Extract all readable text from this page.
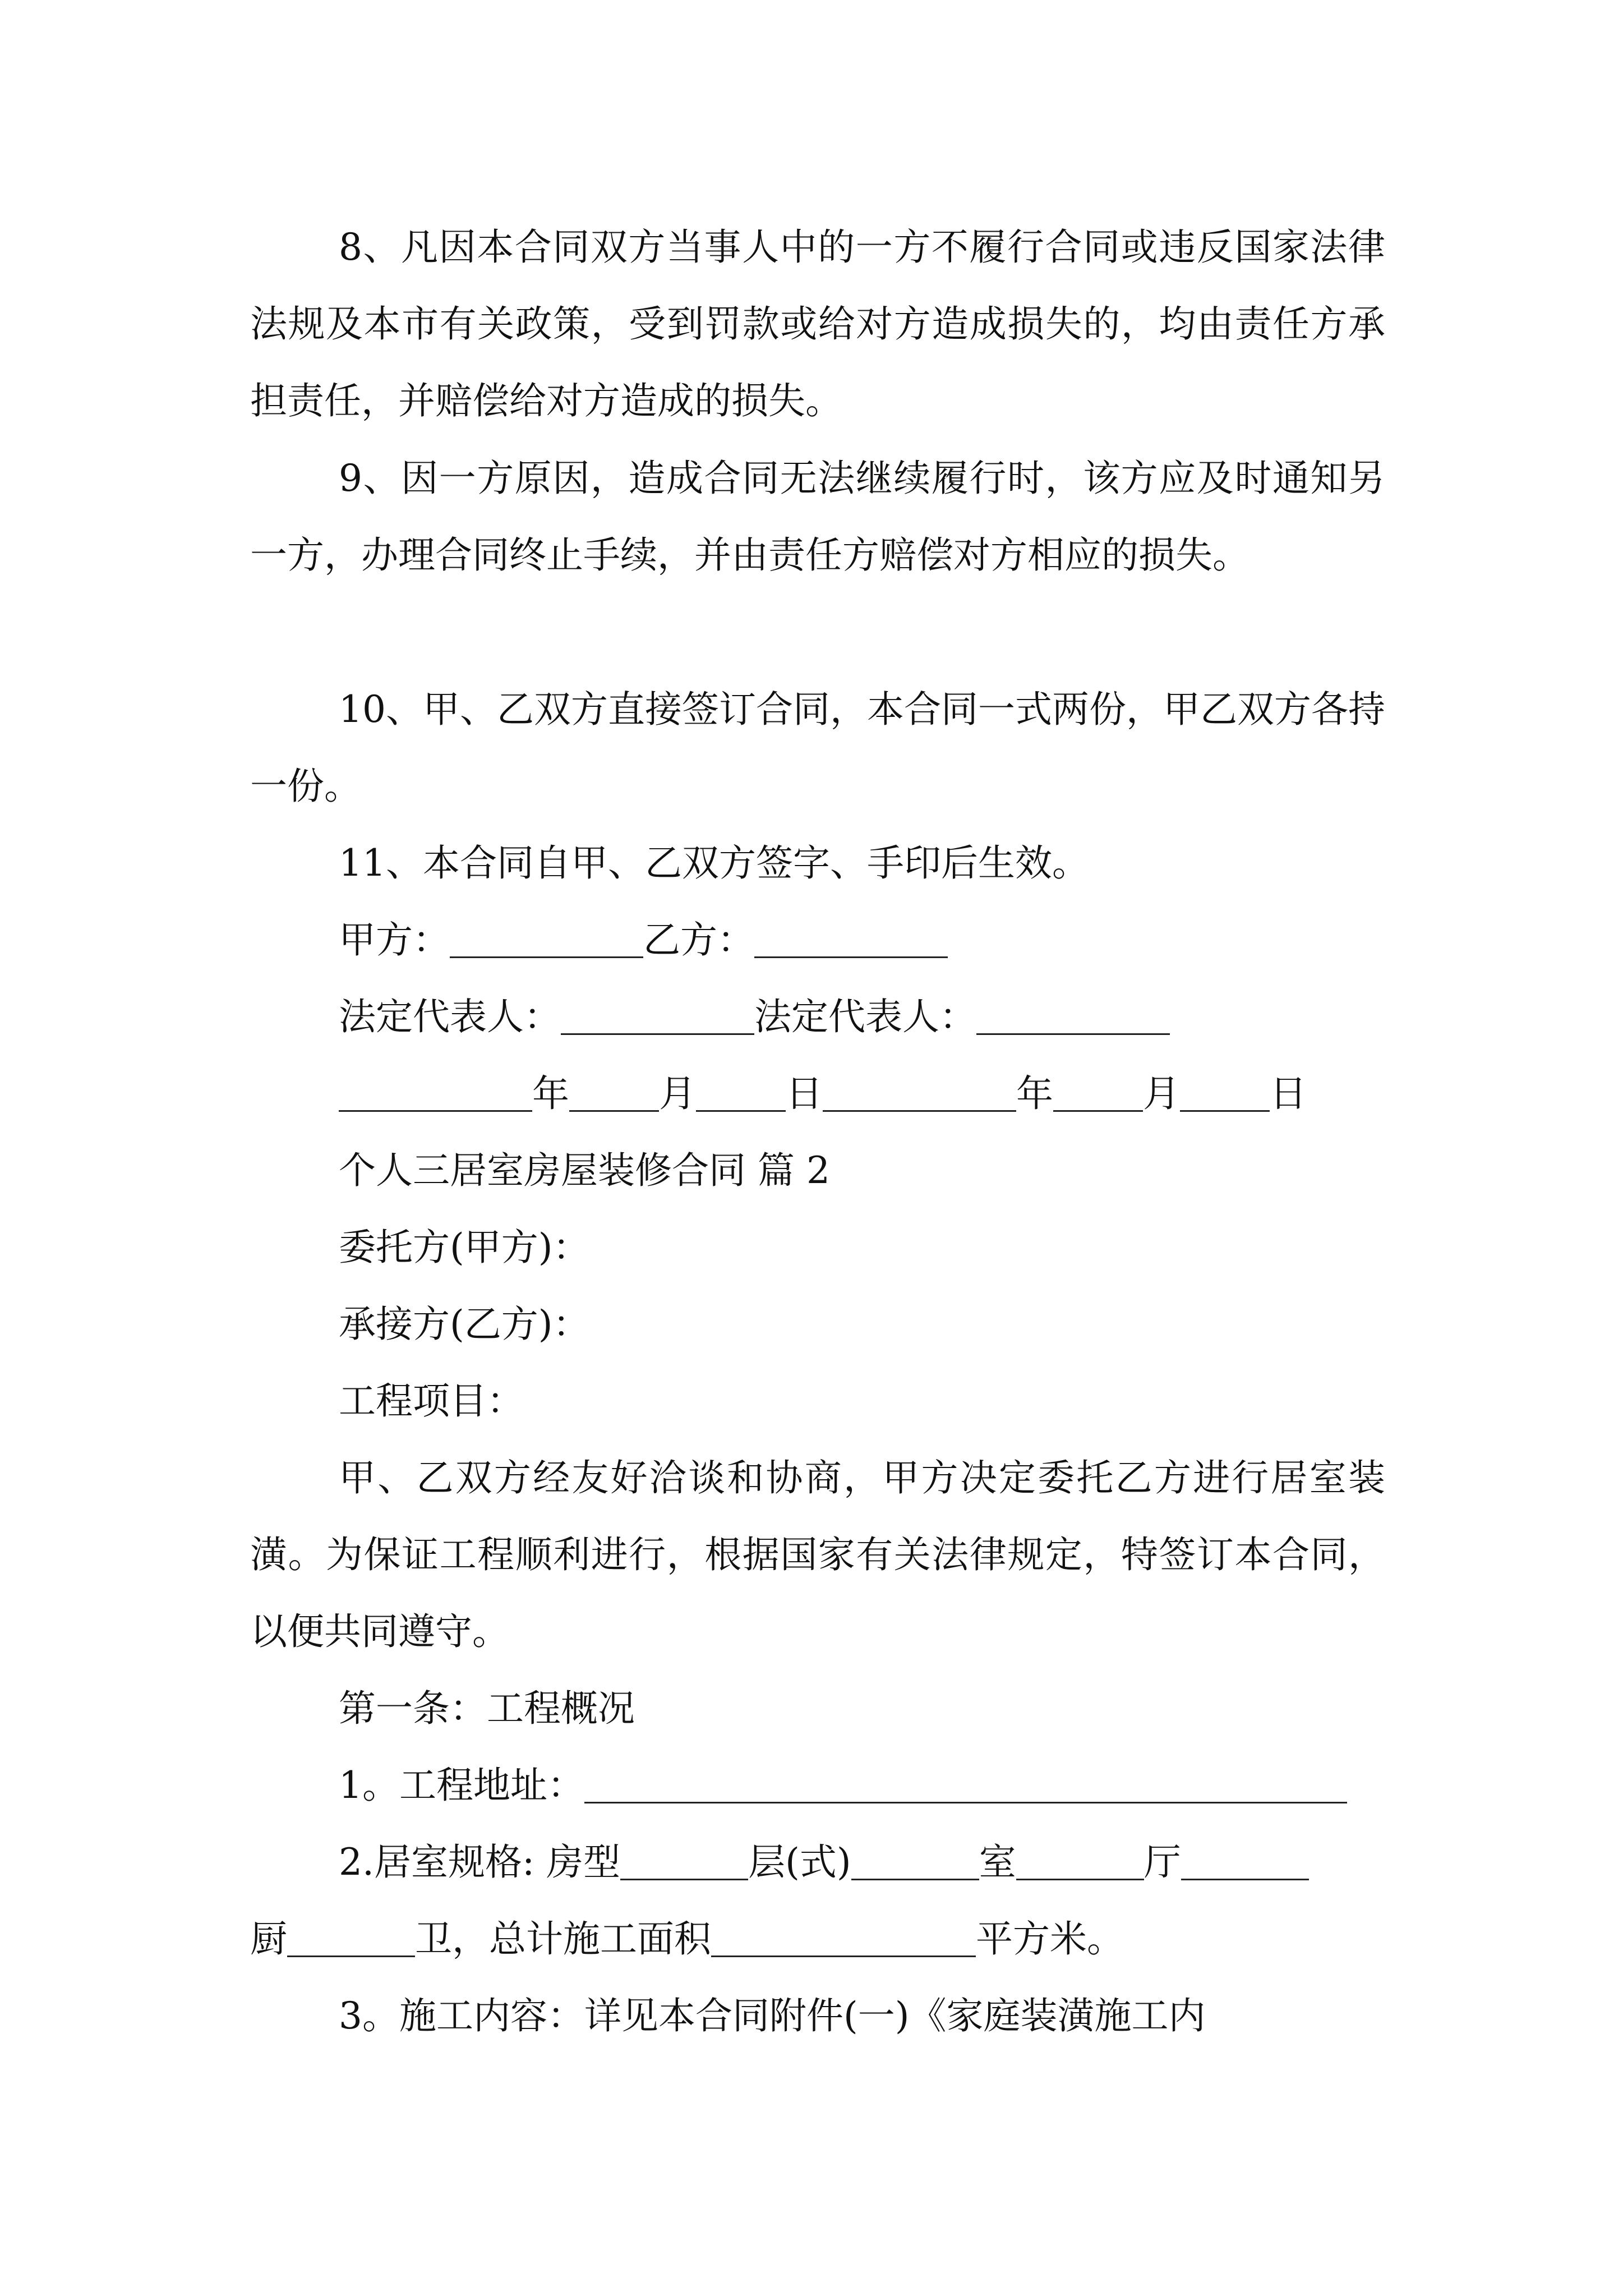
8、凡因本合同双方当事人中的一方不履行合同或违反国家法律法规及本市有关政策，受到罚款或给对方造成损失的，均由责任方承担责任，并赔偿给对方造成的损失。

9、因一方原因，造成合同无法继续履行时，该方应及时通知另一方，办理合同终止手续，并由责任方赔偿对方相应的损失。

10、甲、乙双方直接签订合同，本合同一式两份，甲乙双方各持一份。

11、本合同自甲、乙双方签字、手印后生效。

甲方：	乙方：
法定代表人：	法定代表人：
年 月 日	年 月 日
个人三居室房屋装修合同 篇 2
委托方(甲方)：
承接方(乙方)：
工程项目：

甲、乙双方经友好洽谈和协商，甲方决定委托乙方进行居室装潢。为保证工程顺利进行，根据国家有关法律规定，特签订本合同，以便共同遵守。

第一条：工程概况
1。工程地址：
2.居室规格: 房型	层(式)	室	厅
厨	卫，总计施工面积	平方米。
3。施工内容：详见本合同附件(一)《家庭装潢施工内
